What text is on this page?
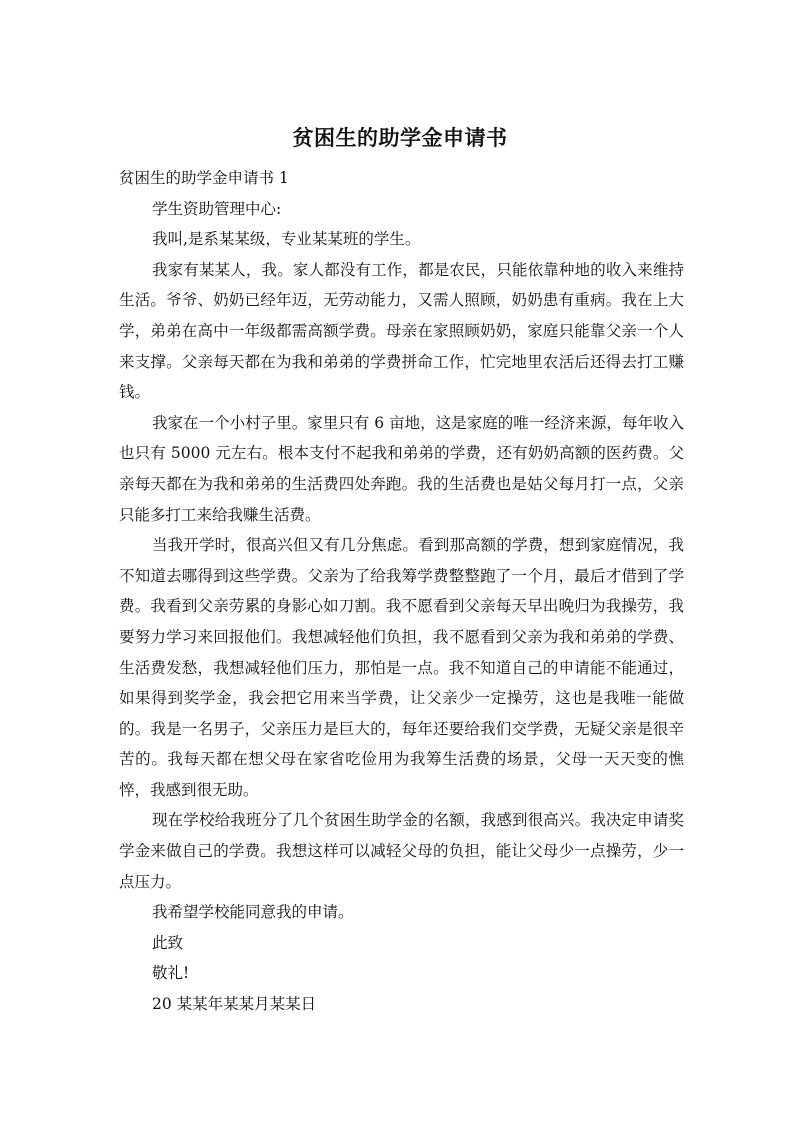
贫困生的助学金申请书

贫困生的助学金申请书 1

学生资助管理中心:

我叫,是系某某级，专业某某班的学生。

我家有某某人，我。家人都没有工作，都是农民，只能依靠种地的收入来维持生活。爷爷、奶奶已经年迈，无劳动能力，又需人照顾，奶奶患有重病。我在上大学，弟弟在高中一年级都需高额学费。母亲在家照顾奶奶，家庭只能靠父亲一个人来支撑。父亲每天都在为我和弟弟的学费拼命工作，忙完地里农活后还得去打工赚钱。

我家在一个小村子里。家里只有 6 亩地，这是家庭的唯一经济来源，每年收入也只有 5000 元左右。根本支付不起我和弟弟的学费，还有奶奶高额的医药费。父亲每天都在为我和弟弟的生活费四处奔跑。我的生活费也是姑父每月打一点，父亲只能多打工来给我赚生活费。

当我开学时，很高兴但又有几分焦虑。看到那高额的学费，想到家庭情况，我不知道去哪得到这些学费。父亲为了给我筹学费整整跑了一个月，最后才借到了学费。我看到父亲劳累的身影心如刀割。我不愿看到父亲每天早出晚归为我操劳，我要努力学习来回报他们。我想减轻他们负担，我不愿看到父亲为我和弟弟的学费、生活费发愁，我想减轻他们压力，那怕是一点。我不知道自己的申请能不能通过，如果得到奖学金，我会把它用来当学费，让父亲少一定操劳，这也是我唯一能做的。我是一名男子，父亲压力是巨大的，每年还要给我们交学费，无疑父亲是很辛苦的。我每天都在想父母在家省吃俭用为我筹生活费的场景，父母一天天变的憔悴，我感到很无助。

现在学校给我班分了几个贫困生助学金的名额，我感到很高兴。我决定申请奖学金来做自己的学费。我想这样可以减轻父母的负担，能让父母少一点操劳，少一点压力。

我希望学校能同意我的申请。

此致

敬礼!

20 某某年某某月某某日
